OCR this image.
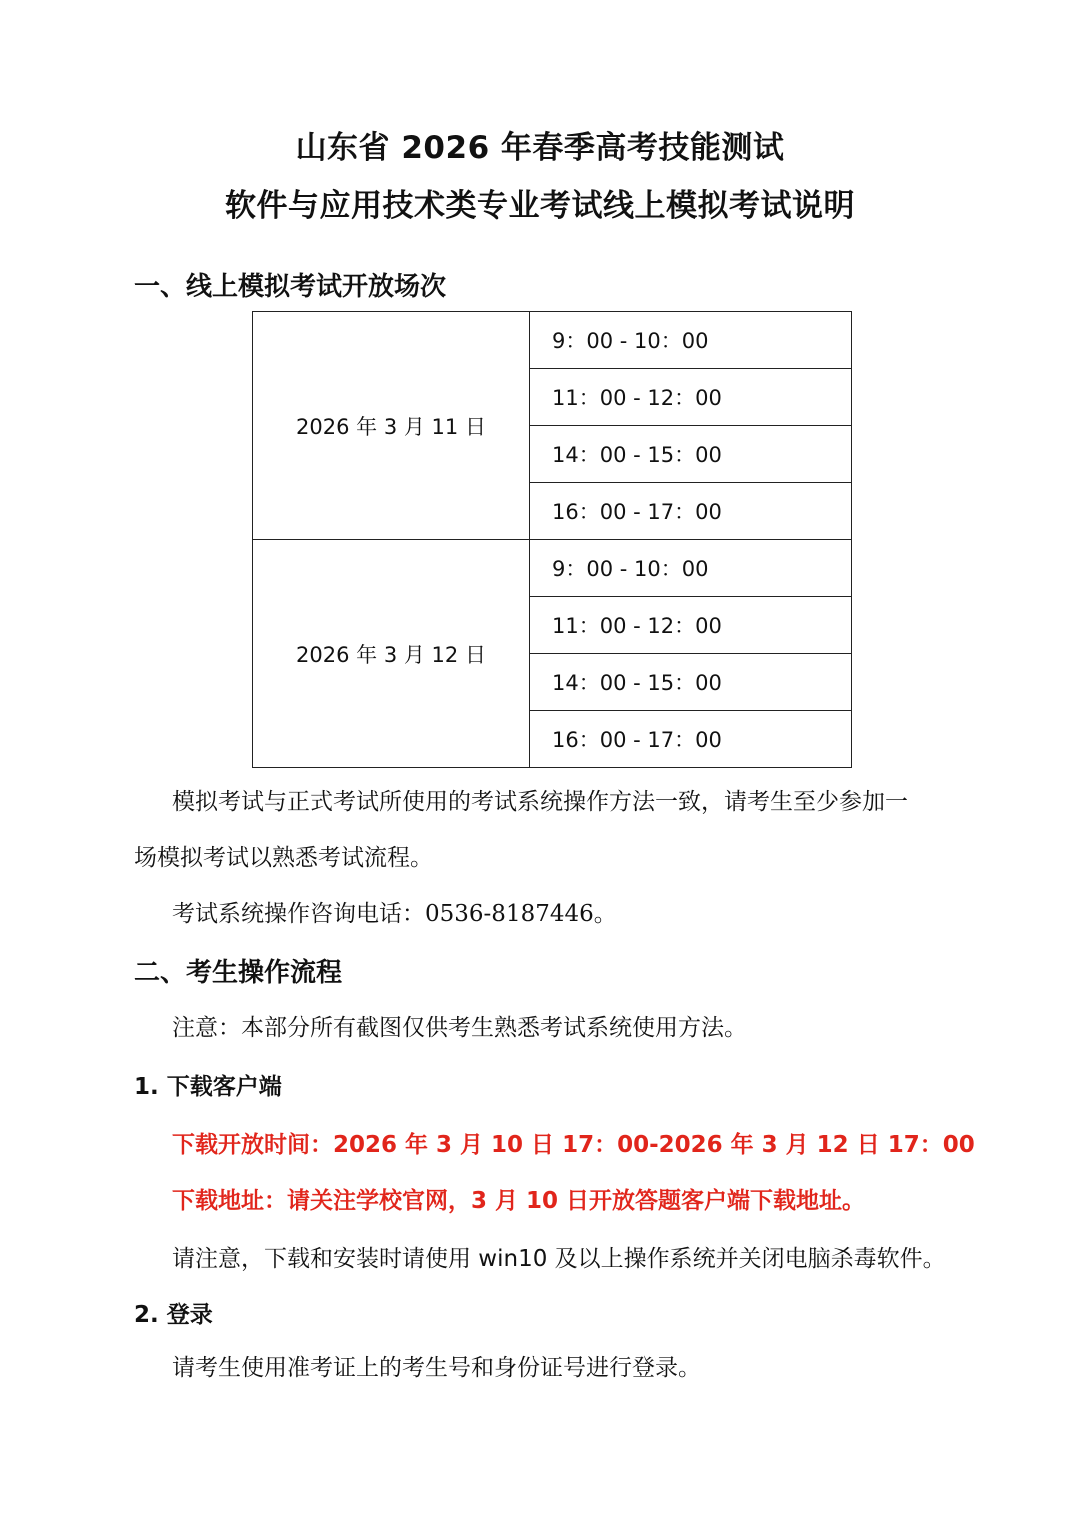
山东省 2026 年春季高考技能测试
软件与应用技术类专业考试线上模拟考试说明
一、线上模拟考试开放场次
2026 年 3 月 11 日	9：00 - 10：00
	11：00 - 12：00
	14：00 - 15：00
	16：00 - 17：00
2026 年 3 月 12 日	9：00 - 10：00
	11：00 - 12：00
	14：00 - 15：00
	16：00 - 17：00
模拟考试与正式考试所使用的考试系统操作方法一致，请考生至少参加一
场模拟考试以熟悉考试流程。
考试系统操作咨询电话：0536-8187446。
二、考生操作流程
注意：本部分所有截图仅供考生熟悉考试系统使用方法。
1. 下载客户端
下载开放时间：2026 年 3 月 10 日 17：00-2026 年 3 月 12 日 17：00
下载地址：请关注学校官网，3 月 10 日开放答题客户端下载地址。
请注意，下载和安装时请使用 win10 及以上操作系统并关闭电脑杀毒软件。
2. 登录
请考生使用准考证上的考生号和身份证号进行登录。
